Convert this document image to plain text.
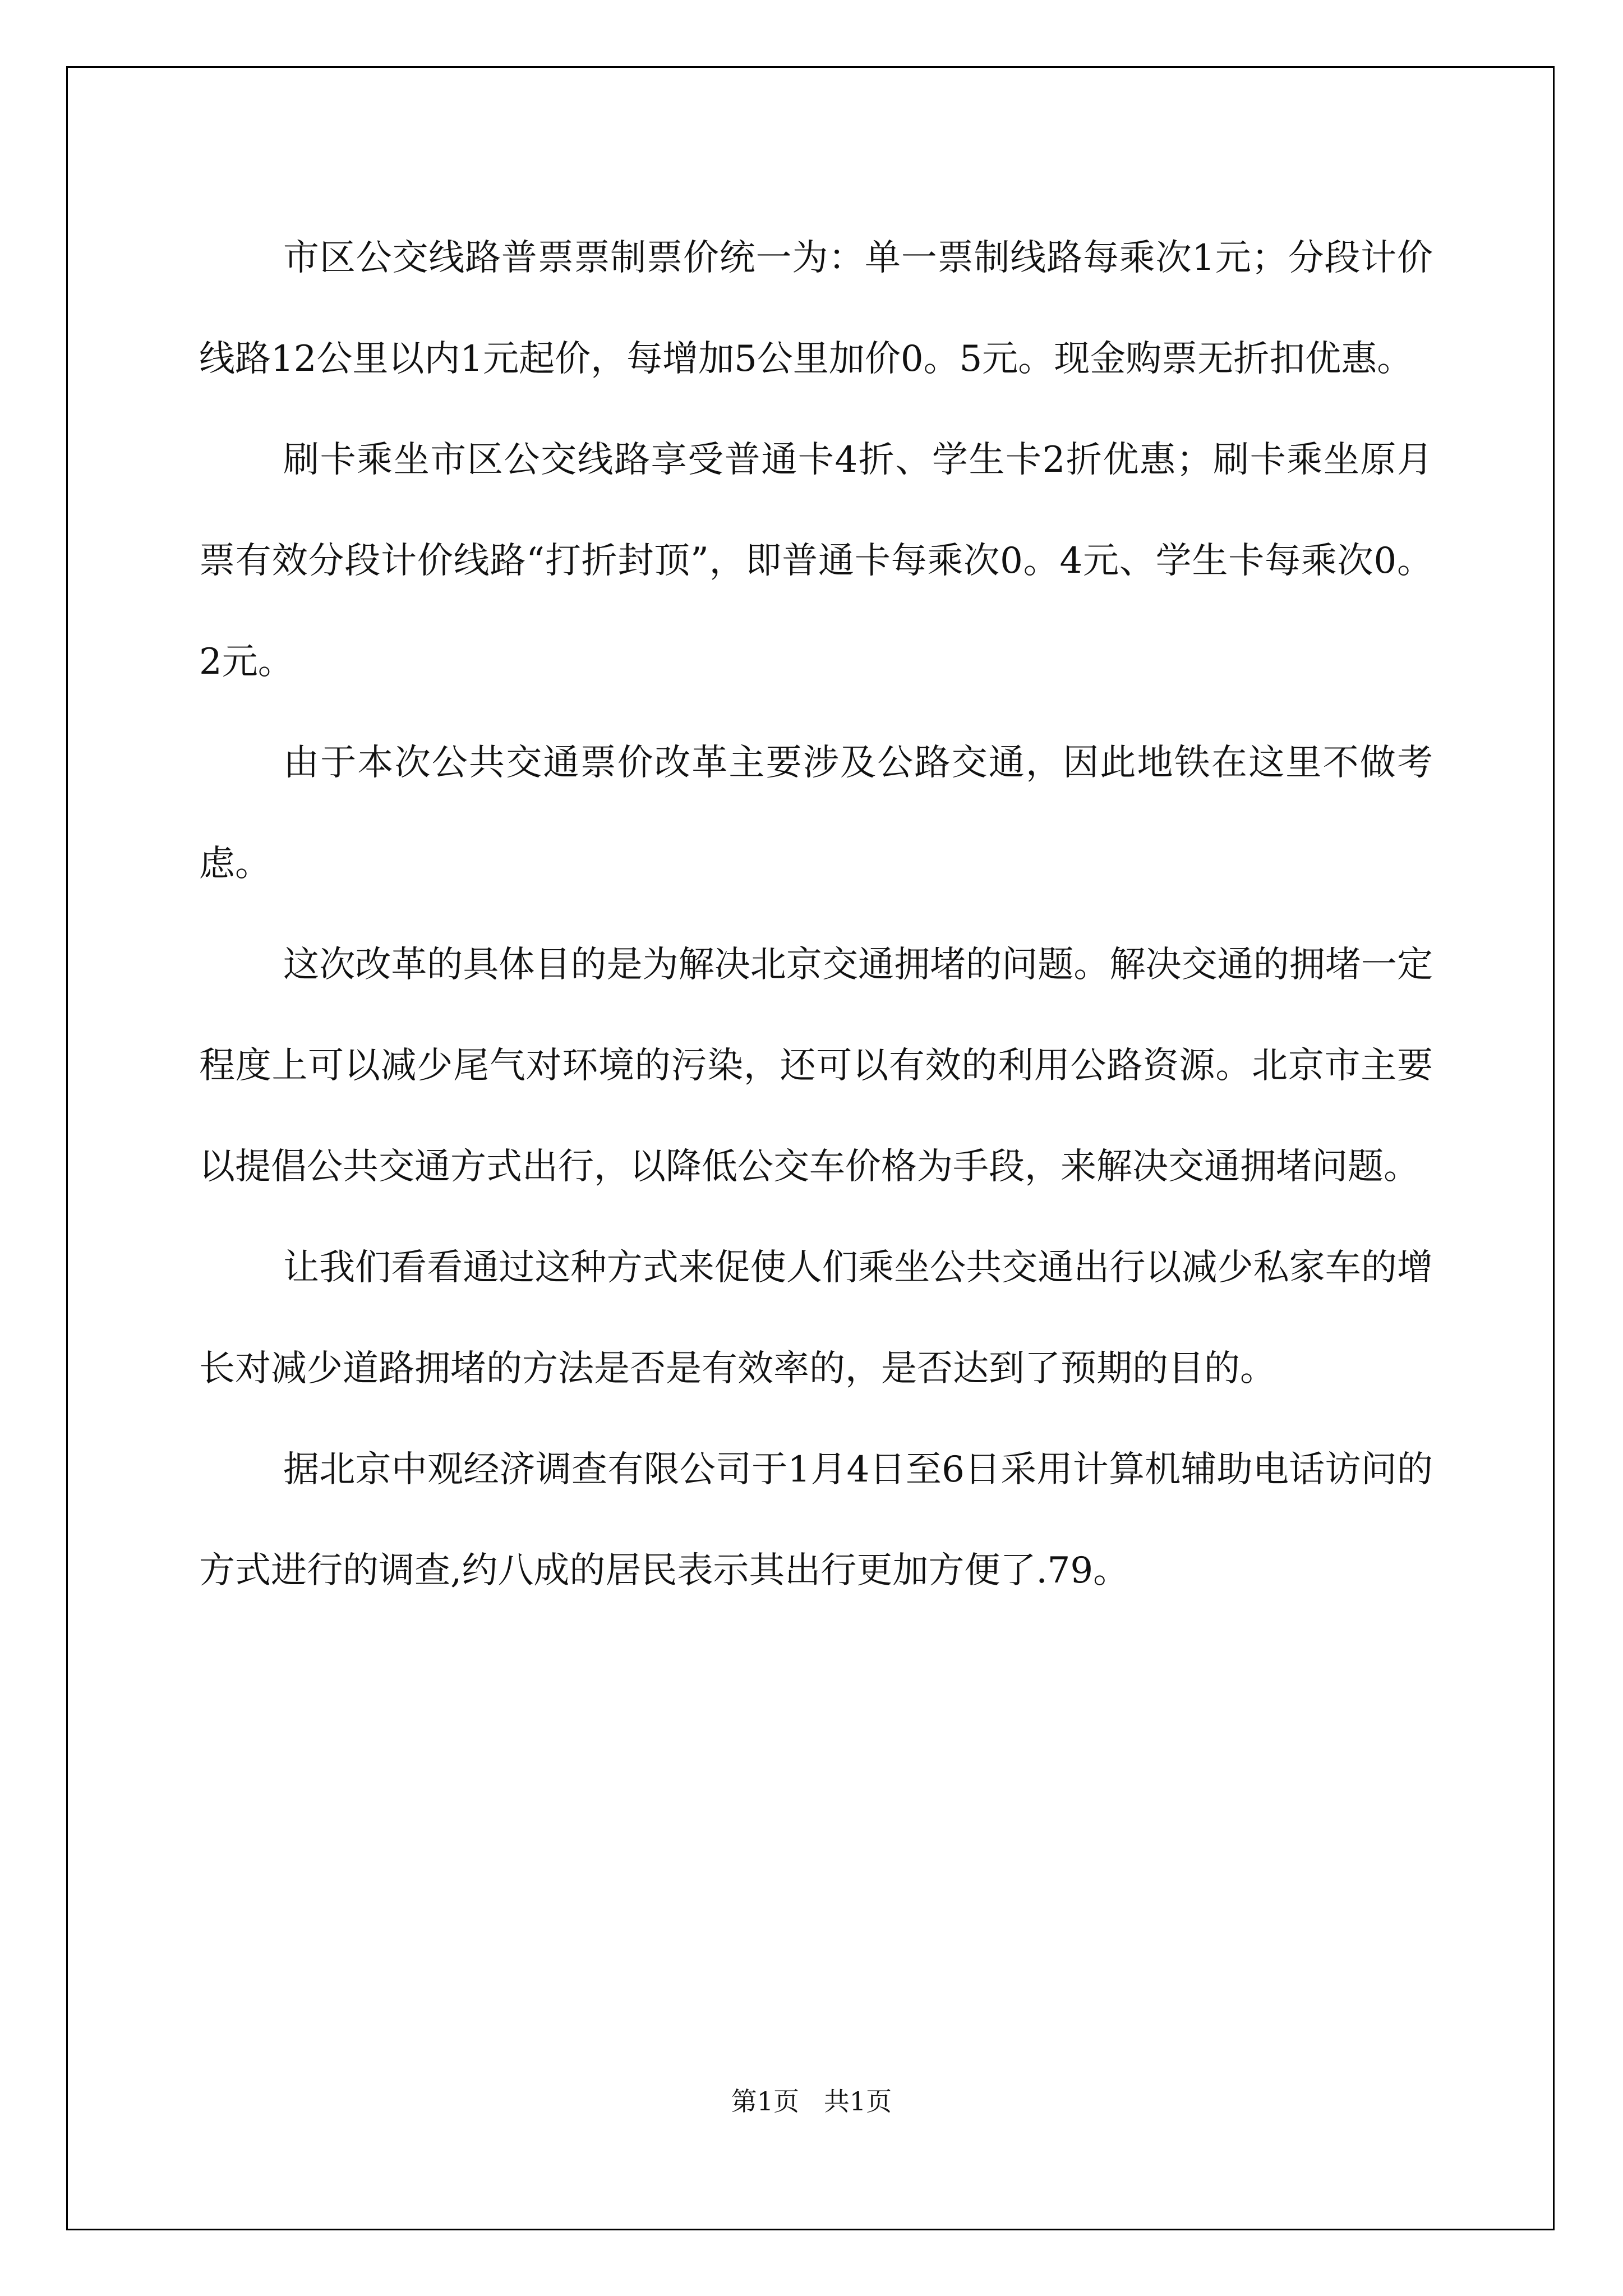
市区公交线路普票票制票价统一为：单一票制线路每乘次1元；分段计价线路12公里以内1元起价，每增加5公里加价0。5元。现金购票无折扣优惠。

刷卡乘坐市区公交线路享受普通卡4折、学生卡2折优惠；刷卡乘坐原月票有效分段计价线路“打折封顶”，即普通卡每乘次0。4元、学生卡每乘次0。2元。

由于本次公共交通票价改革主要涉及公路交通，因此地铁在这里不做考虑。

这次改革的具体目的是为解决北京交通拥堵的问题。解决交通的拥堵一定程度上可以减少尾气对环境的污染，还可以有效的利用公路资源。北京市主要以提倡公共交通方式出行，以降低公交车价格为手段，来解决交通拥堵问题。

让我们看看通过这种方式来促使人们乘坐公共交通出行以减少私家车的增长对减少道路拥堵的方法是否是有效率的，是否达到了预期的目的。

据北京中观经济调查有限公司于1月4日至6日采用计算机辅助电话访问的方式进行的调查,约八成的居民表示其出行更加方便了.79。

第1页   共1页
